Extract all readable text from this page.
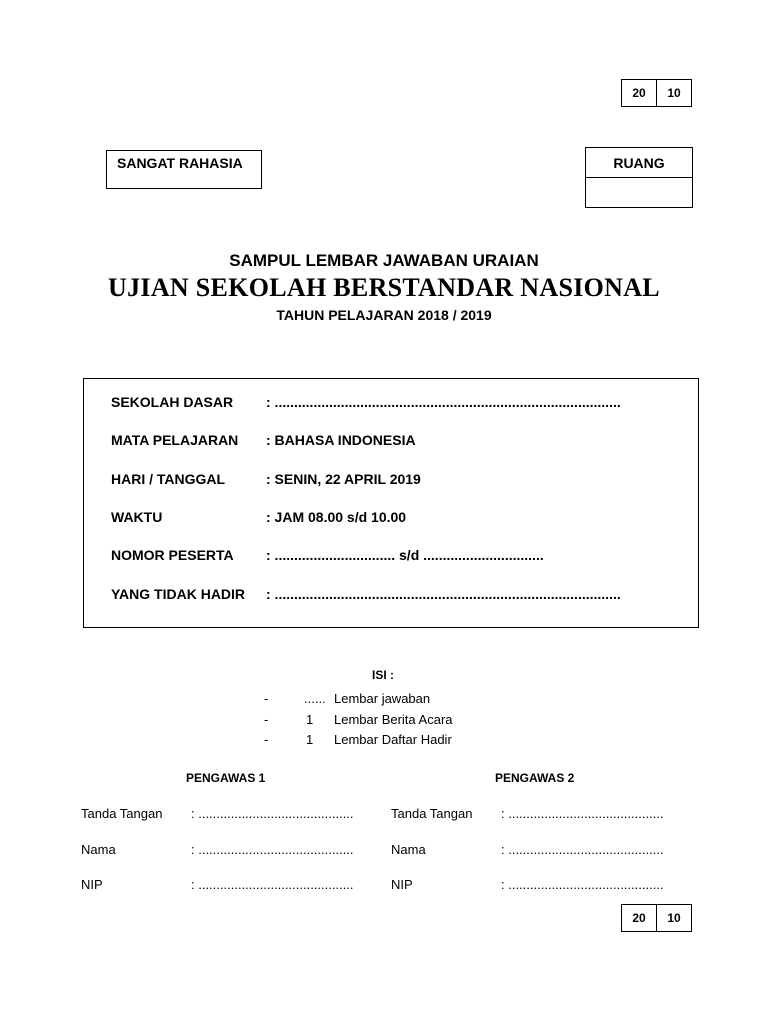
20	10
SANGAT RAHASIA	RUANG
SAMPUL LEMBAR JAWABAN URAIAN
UJIAN SEKOLAH BERSTANDAR NASIONAL
TAHUN PELAJARAN 2018 / 2019
SEKOLAH DASAR	: .........................................................................................
MATA PELAJARAN	: BAHASA INDONESIA
HARI / TANGGAL	: SENIN, 22 APRIL 2019
WAKTU	: JAM 08.00 s/d 10.00
NOMOR PESERTA	: ............................... s/d ...............................
YANG TIDAK HADIR	: .........................................................................................
ISI :
-	...... Lembar jawaban
-	1 Lembar Berita Acara
-	1 Lembar Daftar Hadir
PENGAWAS 1	PENGAWAS 2
Tanda Tangan	: ...........................................
Nama	: ...........................................
NIP	: ...........................................
Tanda Tangan	: ...........................................
Nama	: ...........................................
NIP	: ...........................................
20	10
